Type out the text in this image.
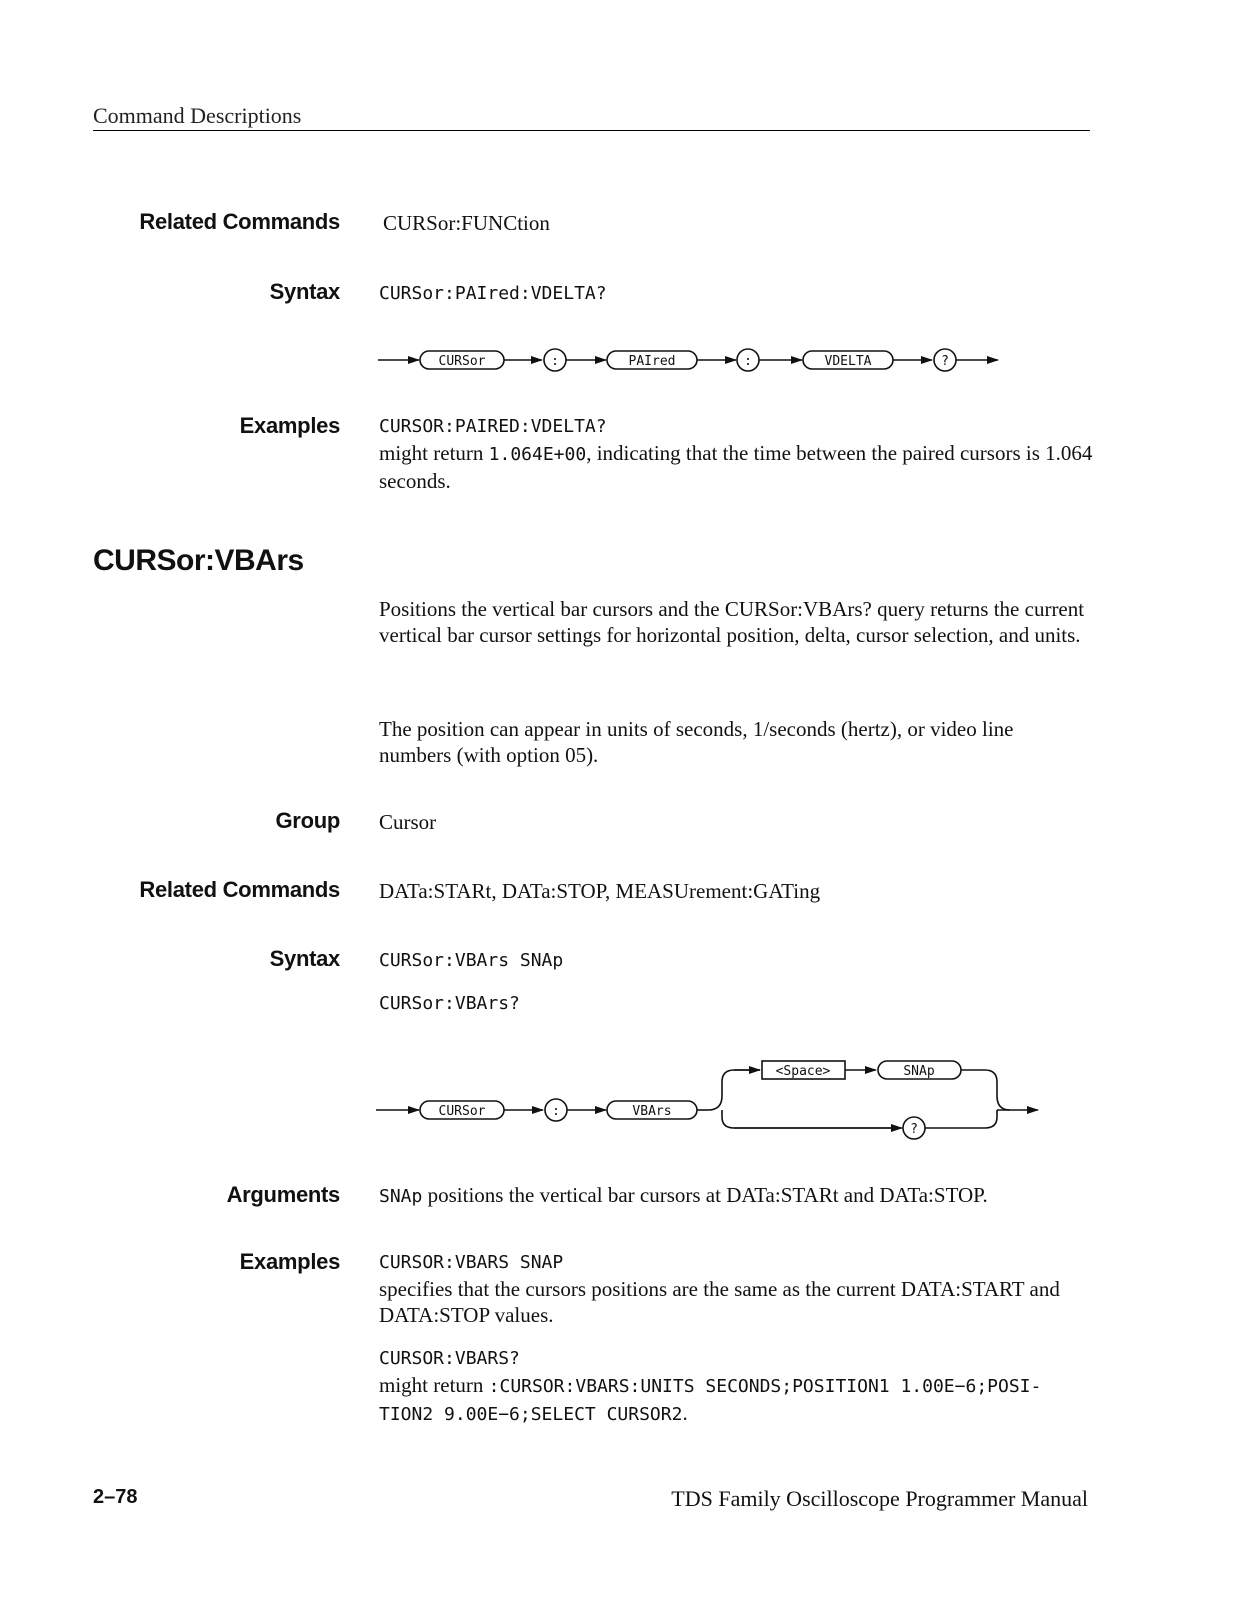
Command Descriptions
Related Commands CURSor:FUNCtion
Syntax CURSor:PAIred:VDELTA?
CURSor	:	PAIred	:	VDELTA	?
Examples CURSOR:PAIRED:VDELTA?
might return 1.064E+00, indicating that the time between the paired cursors is 1.064 seconds.
CURSor:VBArs
Positions the vertical bar cursors and the CURSor:VBArs? query returns the current vertical bar cursor settings for horizontal position, delta, cursor selection, and units.
The position can appear in units of seconds, 1/seconds (hertz), or video line numbers (with option 05).
Group Cursor
Related Commands DATa:STARt, DATa:STOP, MEASUrement:GATing
Syntax CURSor:VBArs SNAp
CURSor:VBArs?
CURSor	:	VBArs
<Space>	SNAp
?
Arguments SNAp positions the vertical bar cursors at DATa:STARt and DATa:STOP.
Examples CURSOR:VBARS SNAP
specifies that the cursors positions are the same as the current DATA:START and DATA:STOP values.
CURSOR:VBARS?
might return :CURSOR:VBARS:UNITS SECONDS;POSITION1 1.00E−6;POSI-
TION2 9.00E−6;SELECT CURSOR2.
2–78	TDS Family Oscilloscope Programmer Manual
